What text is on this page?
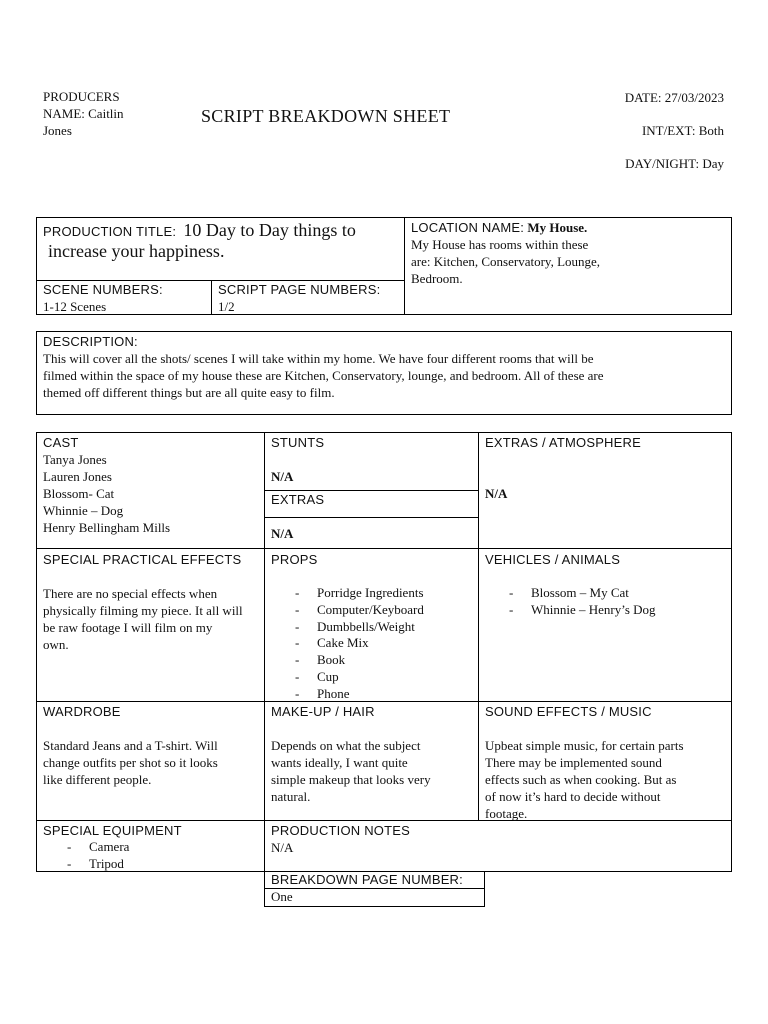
PRODUCERS
NAME: Caitlin
Jones
SCRIPT BREAKDOWN SHEET
DATE: 27/03/2023
INT/EXT: Both
DAY/NIGHT: Day
PRODUCTION TITLE: 10 Day to Day things to
increase your happiness.
LOCATION NAME: My House.
My House has rooms within these
are: Kitchen, Conservatory, Lounge,
Bedroom.
SCENE NUMBERS:
1-12 Scenes
SCRIPT PAGE NUMBERS:
1/2
DESCRIPTION:
This will cover all the shots/ scenes I will take within my home. We have four different rooms that will be
filmed within the space of my house these are Kitchen, Conservatory, lounge, and bedroom. All of these are
themed off different things but are all quite easy to film.
CAST
Tanya Jones
Lauren Jones
Blossom- Cat
Whinnie – Dog
Henry Bellingham Mills
STUNTS
N/A
EXTRAS
N/A
EXTRAS / ATMOSPHERE
N/A
SPECIAL PRACTICAL EFFECTS
There are no special effects when
physically filming my piece. It all will
be raw footage I will film on my
own.
PROPS
- Porridge Ingredients
- Computer/Keyboard
- Dumbbells/Weight
- Cake Mix
- Book
- Cup
- Phone
VEHICLES / ANIMALS
- Blossom – My Cat
- Whinnie – Henry’s Dog
WARDROBE
Standard Jeans and a T-shirt. Will
change outfits per shot so it looks
like different people.
MAKE-UP / HAIR
Depends on what the subject
wants ideally, I want quite
simple makeup that looks very
natural.
SOUND EFFECTS / MUSIC
Upbeat simple music, for certain parts
There may be implemented sound
effects such as when cooking. But as
of now it’s hard to decide without
footage.
SPECIAL EQUIPMENT
- Camera
- Tripod
PRODUCTION NOTES
N/A
BREAKDOWN PAGE NUMBER:
One
